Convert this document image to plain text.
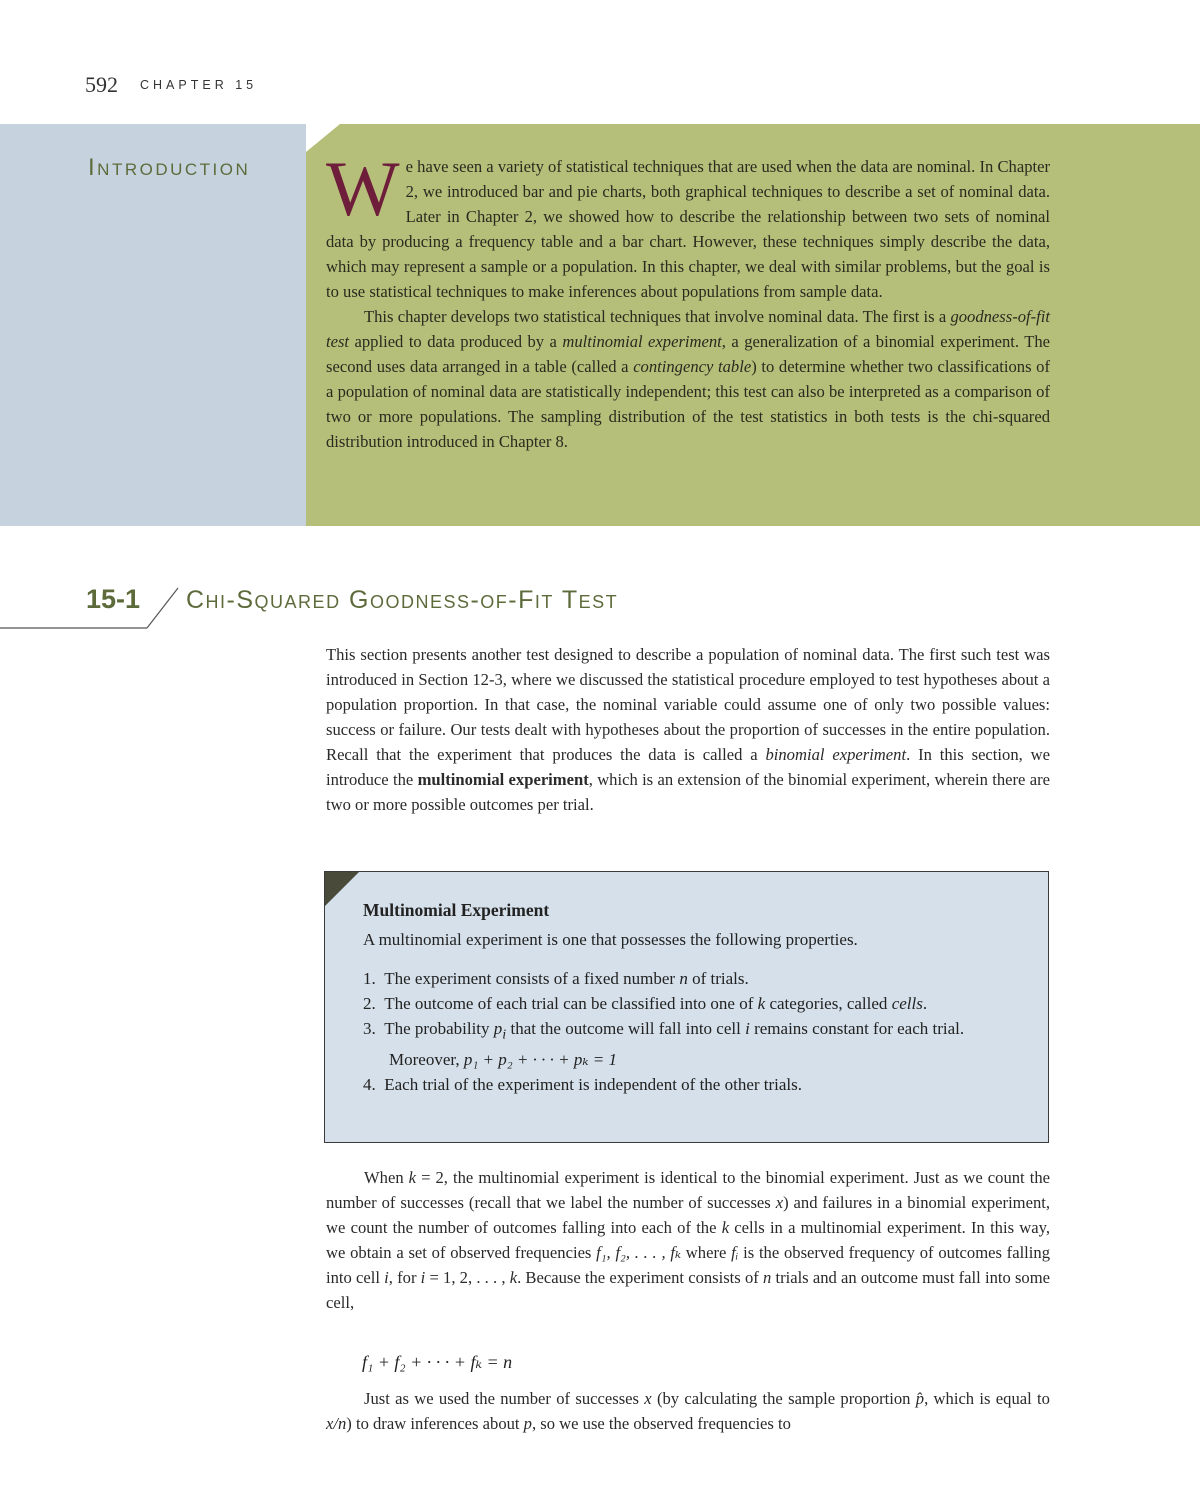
592 CHAPTER 15
Introduction We have seen a variety of statistical techniques that are used when the data are nominal. In Chapter 2, we introduced bar and pie charts, both graphical techniques to describe a set of nominal data. Later in Chapter 2, we showed how to describe the relationship between two sets of nominal data by producing a frequency table and a bar chart. However, these techniques simply describe the data, which may represent a sample or a population. In this chapter, we deal with similar problems, but the goal is to use statistical techniques to make inferences about populations from sample data.

This chapter develops two statistical techniques that involve nominal data. The first is a goodness-of-fit test applied to data produced by a multinomial experiment, a generalization of a binomial experiment. The second uses data arranged in a table (called a contingency table) to determine whether two classifications of a population of nominal data are statistically independent; this test can also be interpreted as a comparison of two or more populations. The sampling distribution of the test statistics in both tests is the chi-squared distribution introduced in Chapter 8.

15-1 Chi-Squared Goodness-of-Fit Test

This section presents another test designed to describe a population of nominal data. The first such test was introduced in Section 12-3, where we discussed the statistical procedure employed to test hypotheses about a population proportion. In that case, the nominal variable could assume one of only two possible values: success or failure. Our tests dealt with hypotheses about the proportion of successes in the entire population. Recall that the experiment that produces the data is called a binomial experiment. In this section, we introduce the multinomial experiment, which is an extension of the binomial experiment, wherein there are two or more possible outcomes per trial.

Multinomial Experiment
A multinomial experiment is one that possesses the following properties.
1.  The experiment consists of a fixed number n of trials.
2.  The outcome of each trial can be classified into one of k categories, called cells.
3.  The probability $p_i$ that the outcome will fall into cell i remains constant for each trial. Moreover, p₁ + p₂ + · · · + pₖ = 1
4.  Each trial of the experiment is independent of the other trials.

When k = 2, the multinomial experiment is identical to the binomial experiment. Just as we count the number of successes (recall that we label the number of successes x) and failures in a binomial experiment, we count the number of outcomes falling into each of the k cells in a multinomial experiment. In this way, we obtain a set of observed frequencies f₁, f₂, . . . , fₖ where fᵢ is the observed frequency of outcomes falling into cell i, for i = 1, 2, . . . , k. Because the experiment consists of n trials and an outcome must fall into some cell,

f₁ + f₂ + · · · + fₖ = n

Just as we used the number of successes x (by calculating the sample proportion p̂, which is equal to x/n) to draw inferences about p, so we use the observed frequencies to
